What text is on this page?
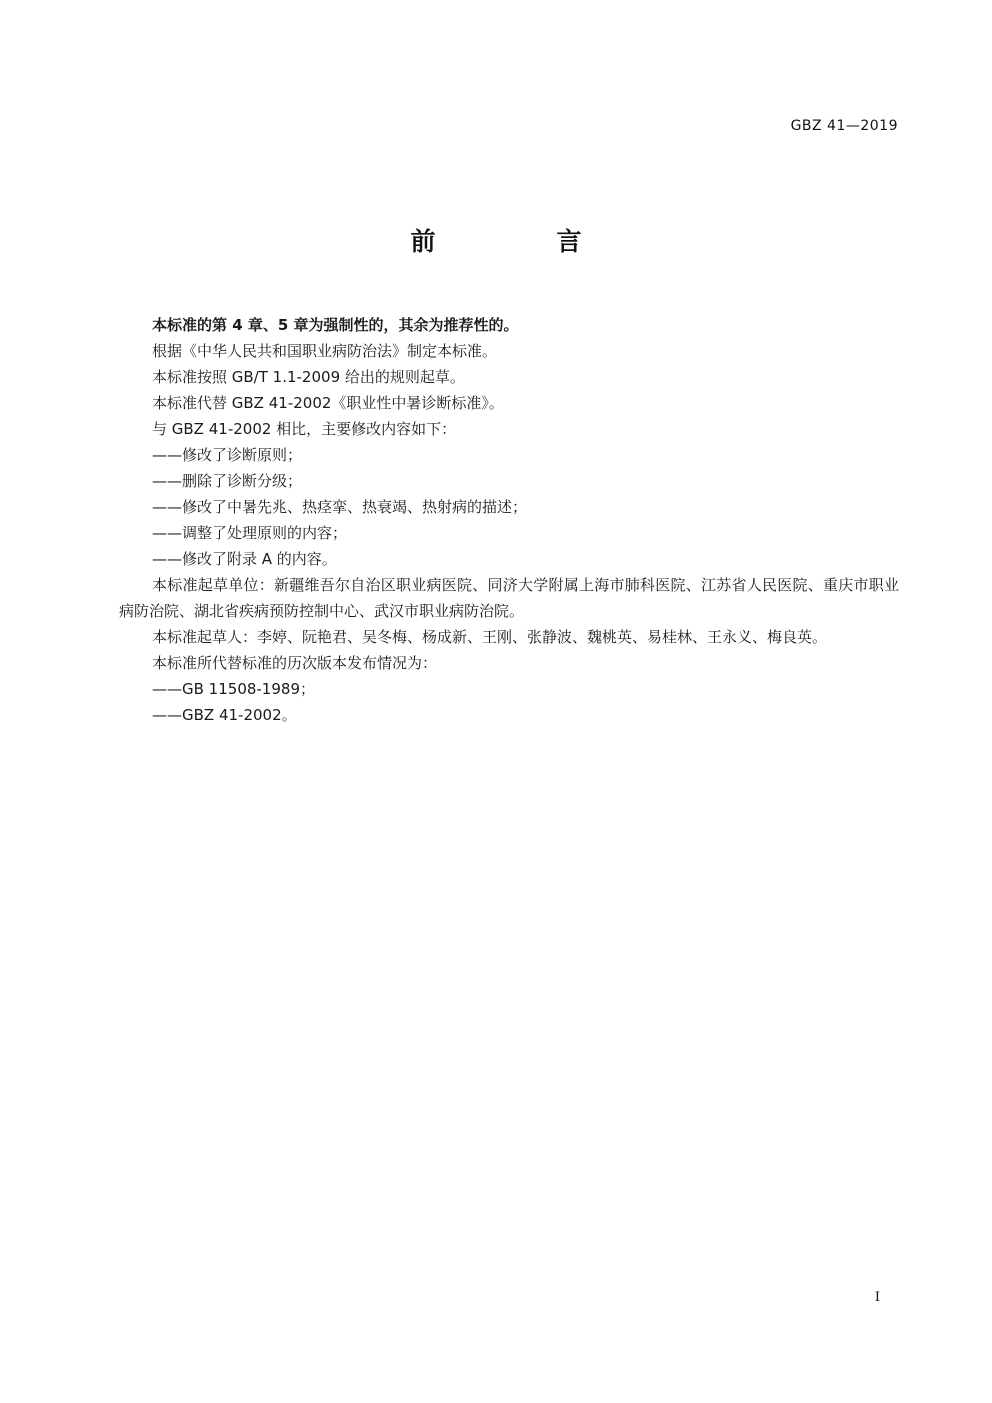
GBZ 41—2019
前　言

本标准的第 4 章、5 章为强制性的，其余为推荐性的。

根据《中华人民共和国职业病防治法》制定本标准。

本标准按照 GB/T 1.1-2009 给出的规则起草。

本标准代替 GBZ 41-2002《职业性中暑诊断标准》。

与 GBZ 41-2002 相比，主要修改内容如下：

——修改了诊断原则；

——删除了诊断分级；

——修改了中暑先兆、热痉挛、热衰竭、热射病的描述；

——调整了处理原则的内容；

——修改了附录 A 的内容。

本标准起草单位：新疆维吾尔自治区职业病医院、同济大学附属上海市肺科医院、江苏省人民医院、重庆市职业病防治院、湖北省疾病预防控制中心、武汉市职业病防治院。

本标准起草人：李婷、阮艳君、吴冬梅、杨成新、王刚、张静波、魏桃英、易桂林、王永义、梅良英。

本标准所代替标准的历次版本发布情况为：

——GB 11508-1989；

——GBZ 41-2002。

I
